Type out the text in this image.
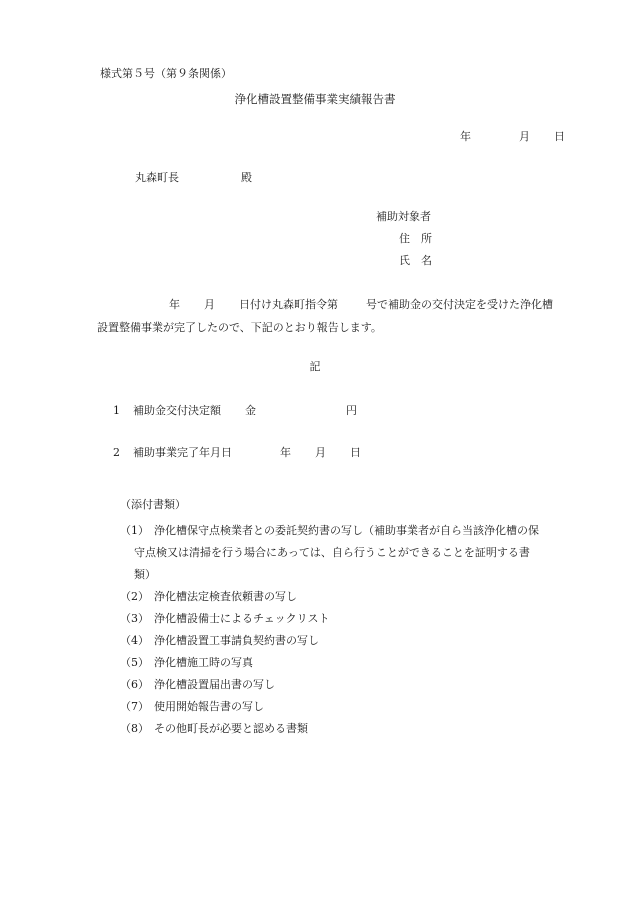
様式第５号（第９条関係）
浄化槽設置整備事業実績報告書
年	月 日
丸森町長	殿
補助対象者
住　所
氏　名
年 月 日付け丸森町指令第	号で補助金の交付決定を受けた浄化槽
設置整備事業が完了したので、下記のとおり報告します。
記
1 補助金交付決定額 金	円
2 補助事業完了年月日	年 月 日
（添付書類）
（1） 浄化槽保守点検業者との委託契約書の写し（補助事業者が自ら当該浄化槽の保
守点検又は清掃を行う場合にあっては、自ら行うことができることを証明する書
類）
（2） 浄化槽法定検査依頼書の写し
（3） 浄化槽設備士によるチェックリスト
（4） 浄化槽設置工事請負契約書の写し
（5） 浄化槽施工時の写真
（6） 浄化槽設置届出書の写し
（7） 使用開始報告書の写し
（8） その他町長が必要と認める書類
